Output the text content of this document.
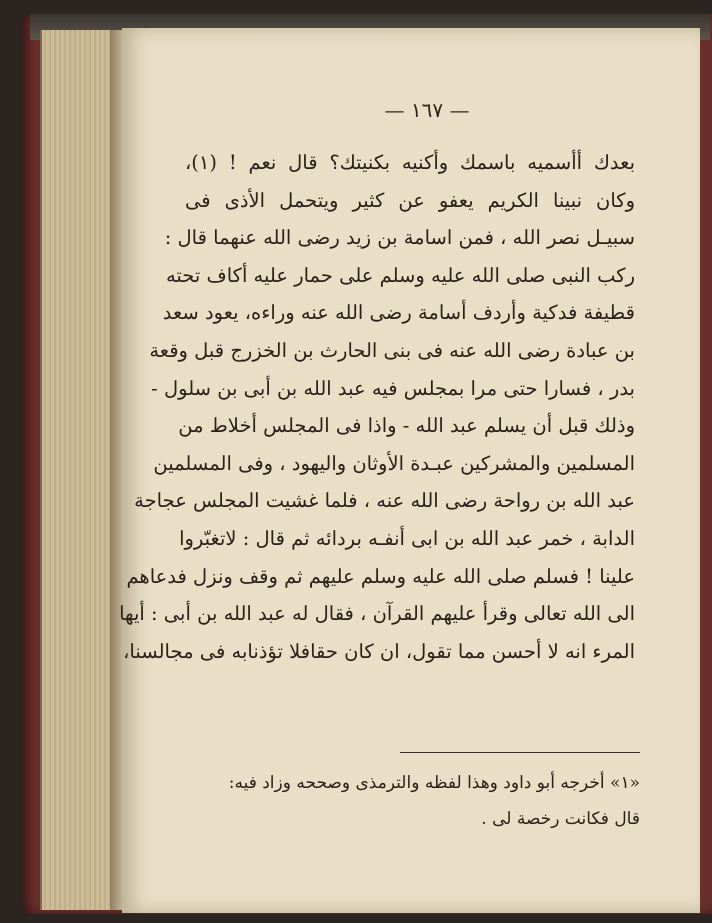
— ١٦٧ —
بعدك أأسميه باسمك وأكنيه بكنيتك؟ قال نعم ! (١)،
وكان نبينا الكريم يعفو عن كثير ويتحمل الأذى فى
سبيـل نصر الله ، فمن اسامة بن زيد رضى الله عنهما قال :
ركب النبى صلى الله عليه وسلم على حمار عليه أكاف تحته
قطيفة فدكية وأردف أسامة رضى الله عنه وراءه، يعود سعد
بن عبادة رضى الله عنه فى بنى الحارث بن الخزرج قبل وقعة
بدر ، فسارا حتى مرا بمجلس فيه عبد الله بن أبى بن سلول -
وذلك قبل أن يسلم عبد الله - واذا فى المجلس أخلاط من
المسلمين والمشركين عبـدة الأوثان واليهود ، وفى المسلمين
عبد الله بن رواحة رضى الله عنه ، فلما غشيت المجلس عجاجة
الدابة ، خمر عبد الله بن ابى أنفـه بردائه ثم قال : لاتغبّروا
علينا ! فسلم صلى الله عليه وسلم عليهم ثم وقف ونزل فدعاهم
الى الله تعالى وقرأ عليهم القرآن ، فقال له عبد الله بن أبى : أيها
المرء انه لا أحسن مما تقول، ان كان حقافلا تؤذنابه فى مجالسنا،
«١» أخرجه أبو داود وهذا لفظه والترمذى وصححه وزاد فيه:
قال فكانت رخصة لى .
